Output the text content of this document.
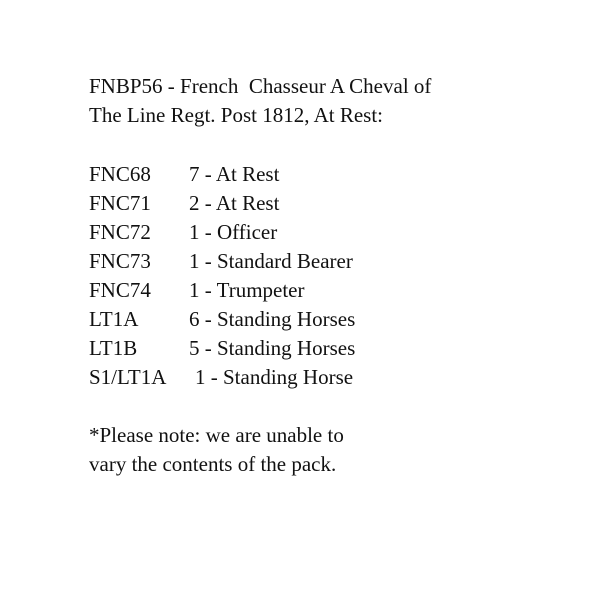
FNBP56 - French  Chasseur A Cheval of
The Line Regt. Post 1812, At Rest:
FNC68	7 - At Rest
FNC71	2 - At Rest
FNC72	1 - Officer
FNC73	1 - Standard Bearer
FNC74	1 - Trumpeter
LT1A	6 - Standing Horses
LT1B	5 - Standing Horses
S1/LT1A	1 - Standing Horse
*Please note: we are unable to
vary the contents of the pack.
